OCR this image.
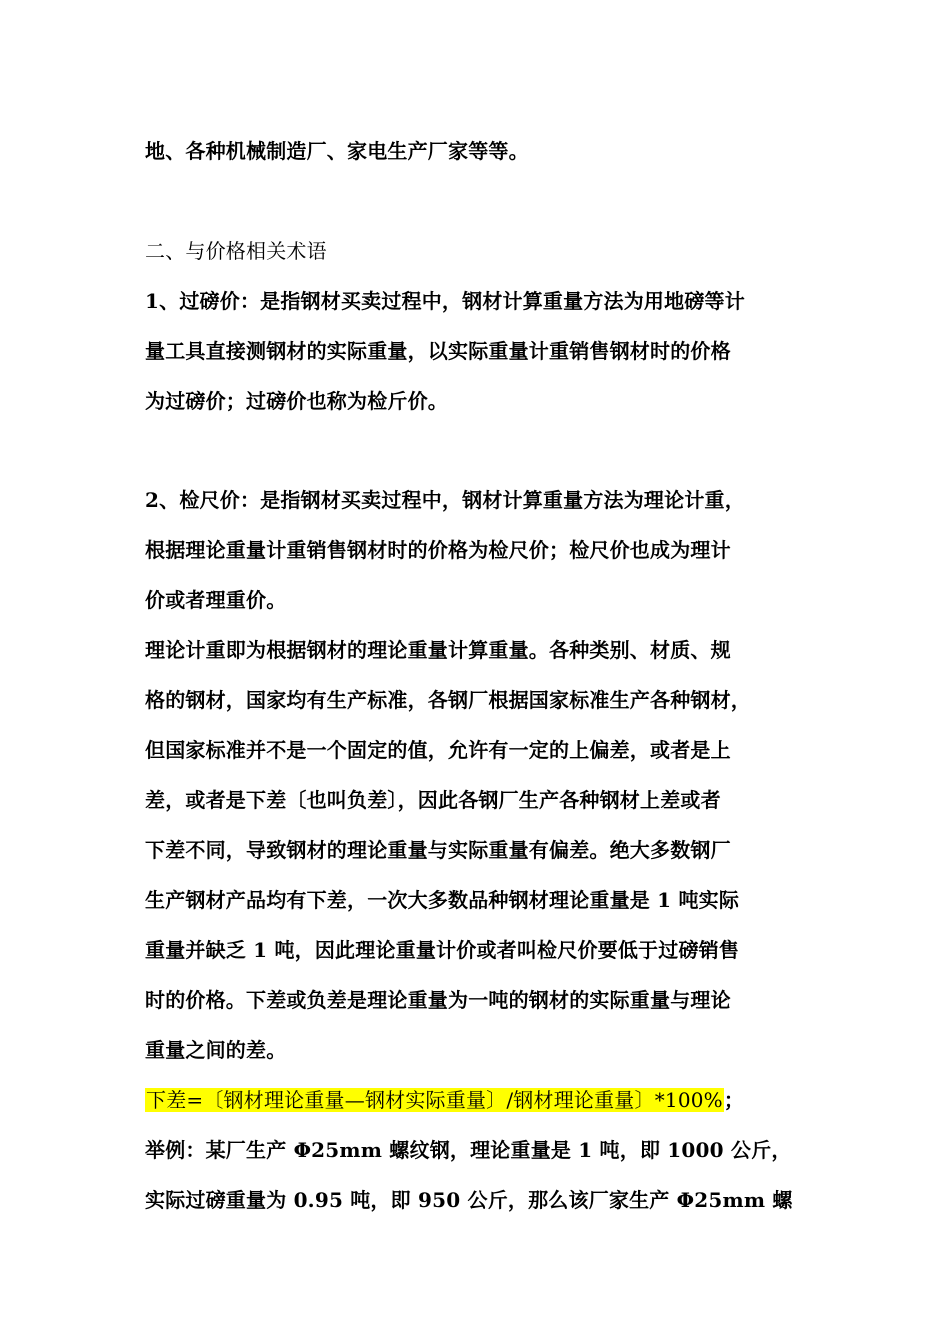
地、各种机械制造厂、家电生产厂家等等。
二、与价格相关术语
1、过磅价：是指钢材买卖过程中，钢材计算重量方法为用地磅等计
量工具直接测钢材的实际重量，以实际重量计重销售钢材时的价格
为过磅价；过磅价也称为检斤价。
2、检尺价：是指钢材买卖过程中，钢材计算重量方法为理论计重，
根据理论重量计重销售钢材时的价格为检尺价；检尺价也成为理计
价或者理重价。
理论计重即为根据钢材的理论重量计算重量。各种类别、材质、规
格的钢材，国家均有生产标准，各钢厂根据国家标准生产各种钢材，
但国家标准并不是一个固定的值，允许有一定的上偏差，或者是上
差，或者是下差〔也叫负差〕，因此各钢厂生产各种钢材上差或者
下差不同，导致钢材的理论重量与实际重量有偏差。绝大多数钢厂
生产钢材产品均有下差，一次大多数品种钢材理论重量是 1 吨实际
重量并缺乏 1 吨，因此理论重量计价或者叫检尺价要低于过磅销售
时的价格。下差或负差是理论重量为一吨的钢材的实际重量与理论
重量之间的差。
下差=〔钢材理论重量—钢材实际重量〕/钢材理论重量〕*100%；
举例：某厂生产 Φ25mm 螺纹钢，理论重量是 1 吨，即 1000 公斤，
实际过磅重量为 0.95 吨，即 950 公斤，那么该厂家生产 Φ25mm 螺
